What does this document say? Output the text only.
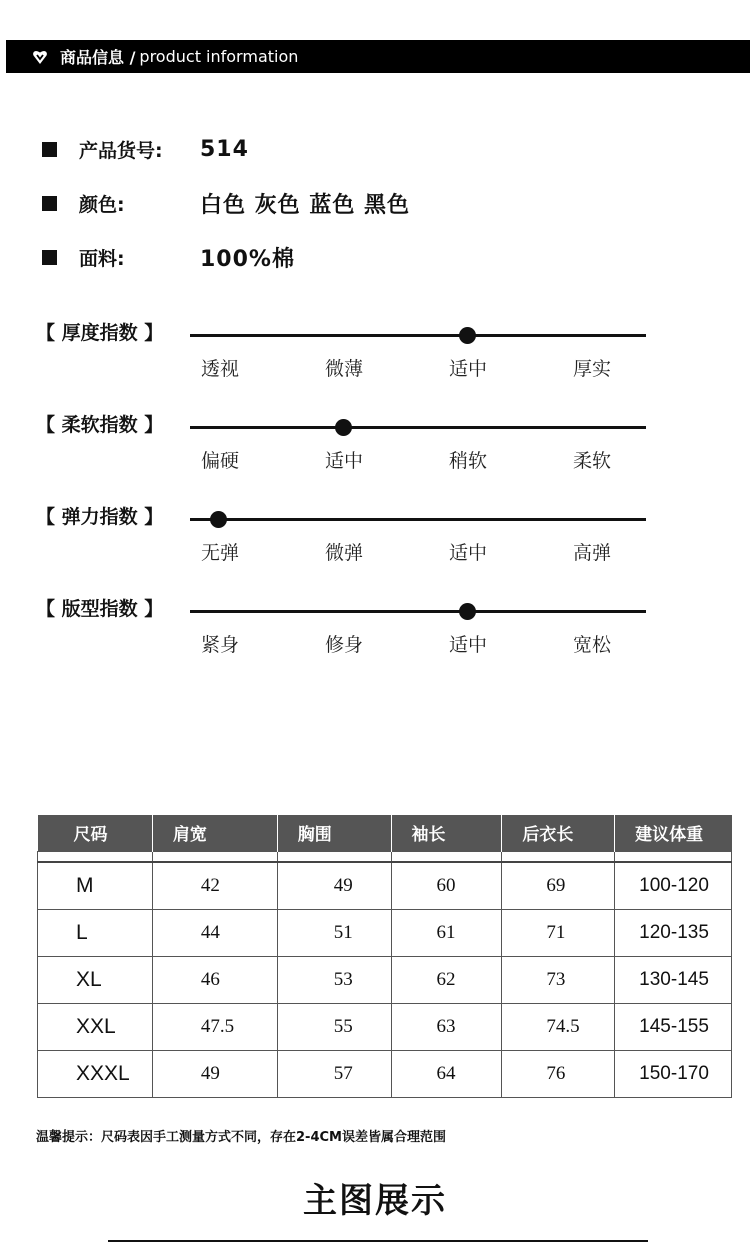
商品信息 / product information
产品货号:	514
颜色:	白色 灰色 蓝色 黑色
面料:	100%棉
【 厚度指数 】
透视	微薄	适中	厚实
【 柔软指数 】
偏硬	适中	稍软	柔软
【 弹力指数 】
无弹	微弹	适中	高弹
【 版型指数 】
紧身	修身	适中	宽松
尺码	肩宽	胸围	袖长	后衣长	建议体重

M	42	49	60	69	100-120
L	44	51	61	71	120-135
XL	46	53	62	73	130-145
XXL	47.5	55	63	74.5	145-155
XXXL	49	57	64	76	150-170
温馨提示：尺码表因手工测量方式不同，存在2-4CM误差皆属合理范围
主图展示
